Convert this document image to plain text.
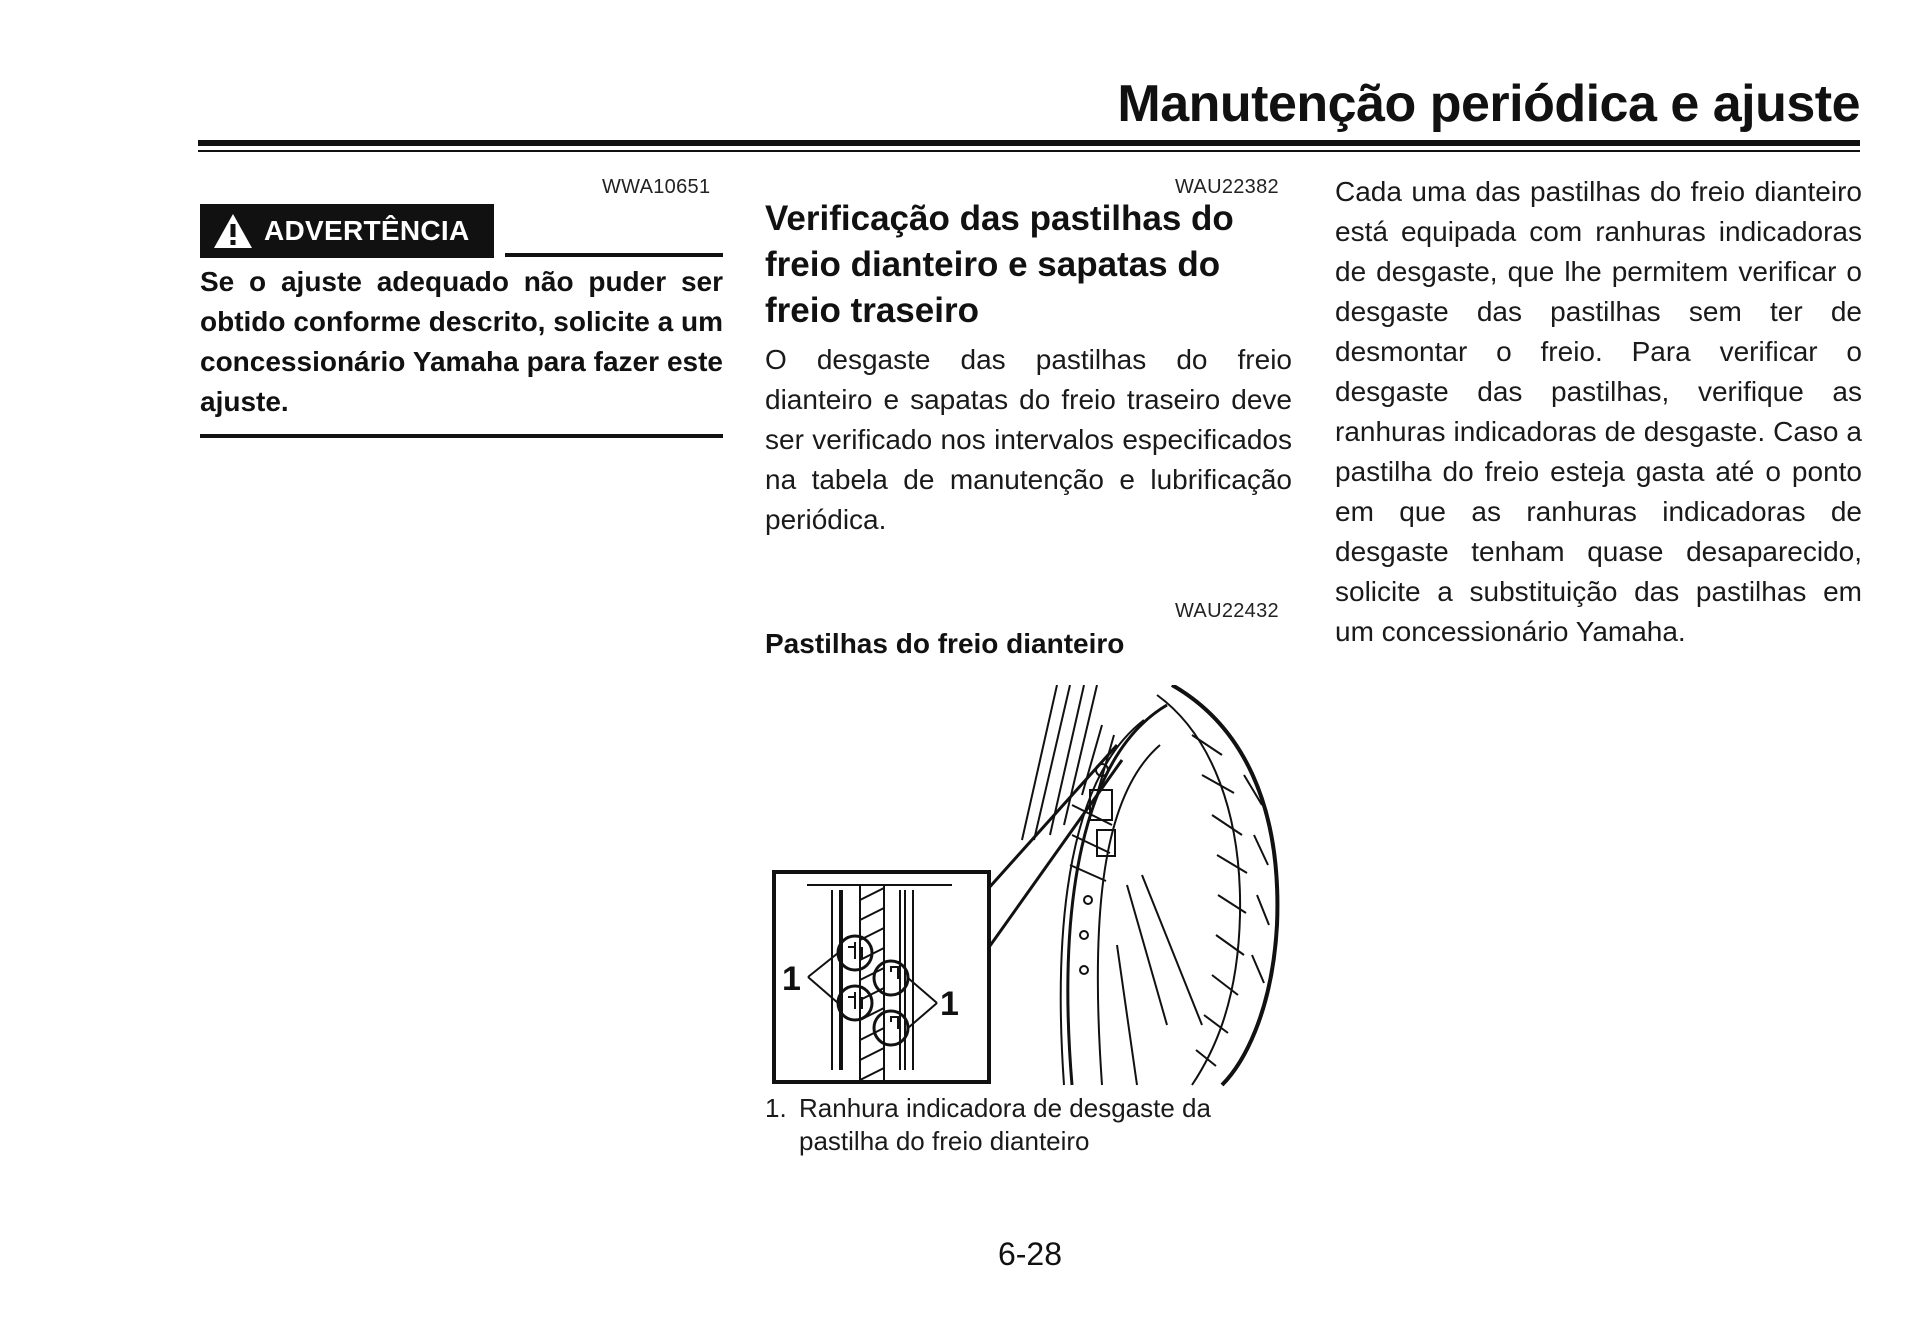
Manutenção periódica e ajuste
WWA10651
ADVERTÊNCIA

Se o ajuste adequado não puder ser obtido conforme descrito, solicite a um concessionário Yamaha para fazer este ajuste.

WAU22382
Verificação das pastilhas do freio dianteiro e sapatas do freio traseiro

O desgaste das pastilhas do freio dianteiro e sapatas do freio traseiro deve ser verificado nos intervalos especificados na tabela de manutenção e lubrificação periódica.

WAU22432
Pastilhas do freio dianteiro
1
1
1. Ranhura indicadora de desgaste da pastilha do freio dianteiro

Cada uma das pastilhas do freio dianteiro está equipada com ranhuras indicadoras de desgaste, que lhe permitem verificar o desgaste das pastilhas sem ter de desmontar o freio. Para verificar o desgaste das pastilhas, verifique as ranhuras indicadoras de desgaste. Caso a pastilha do freio esteja gasta até o ponto em que as ranhuras indicadoras de desgaste tenham quase desaparecido, solicite a substituição das pastilhas em um concessionário Yamaha.

6-28
